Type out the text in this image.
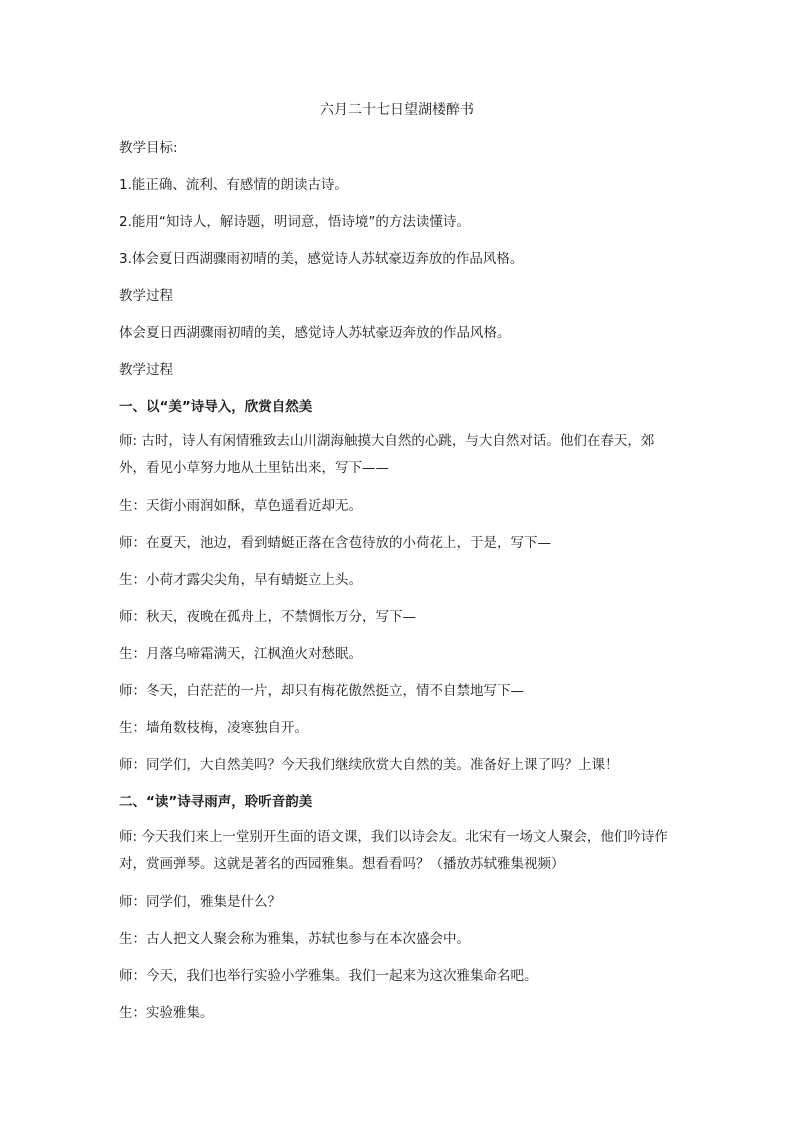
六月二十七日望湖楼醉书
教学目标:
1.能正确、流利、有感情的朗读古诗。
2.能用“知诗人，解诗题，明词意，悟诗境”的方法读懂诗。
3.体会夏日西湖骤雨初晴的美，感觉诗人苏轼豪迈奔放的作品风格。
教学过程
体会夏日西湖骤雨初晴的美，感觉诗人苏轼豪迈奔放的作品风格。
教学过程
一、以“美”诗导入，欣赏自然美
师: 古时，诗人有闲情雅致去山川湖海触摸大自然的心跳，与大自然对话。他们在春天，郊外，看见小草努力地从土里钻出来，写下——
生：天街小雨润如酥，草色遥看近却无。
师：在夏天，池边，看到蜻蜓正落在含苞待放的小荷花上，于是，写下—
生：小荷才露尖尖角，早有蜻蜓立上头。
师：秋天，夜晚在孤舟上，不禁惆怅万分，写下—
生：月落乌啼霜满天，江枫渔火对愁眠。
师：冬天，白茫茫的一片，却只有梅花傲然挺立，情不自禁地写下—
生：墙角数枝梅，凌寒独自开。
师：同学们，大自然美吗？今天我们继续欣赏大自然的美。准备好上课了吗？上课！
二、“读”诗寻雨声，聆听音韵美
师: 今天我们来上一堂别开生面的语文课，我们以诗会友。北宋有一场文人聚会，他们吟诗作对，赏画弹琴。这就是著名的西园雅集。想看看吗？（播放苏轼雅集视频）
师：同学们，雅集是什么？
生：古人把文人聚会称为雅集，苏轼也参与在本次盛会中。
师：今天，我们也举行实验小学雅集。我们一起来为这次雅集命名吧。
生：实验雅集。
